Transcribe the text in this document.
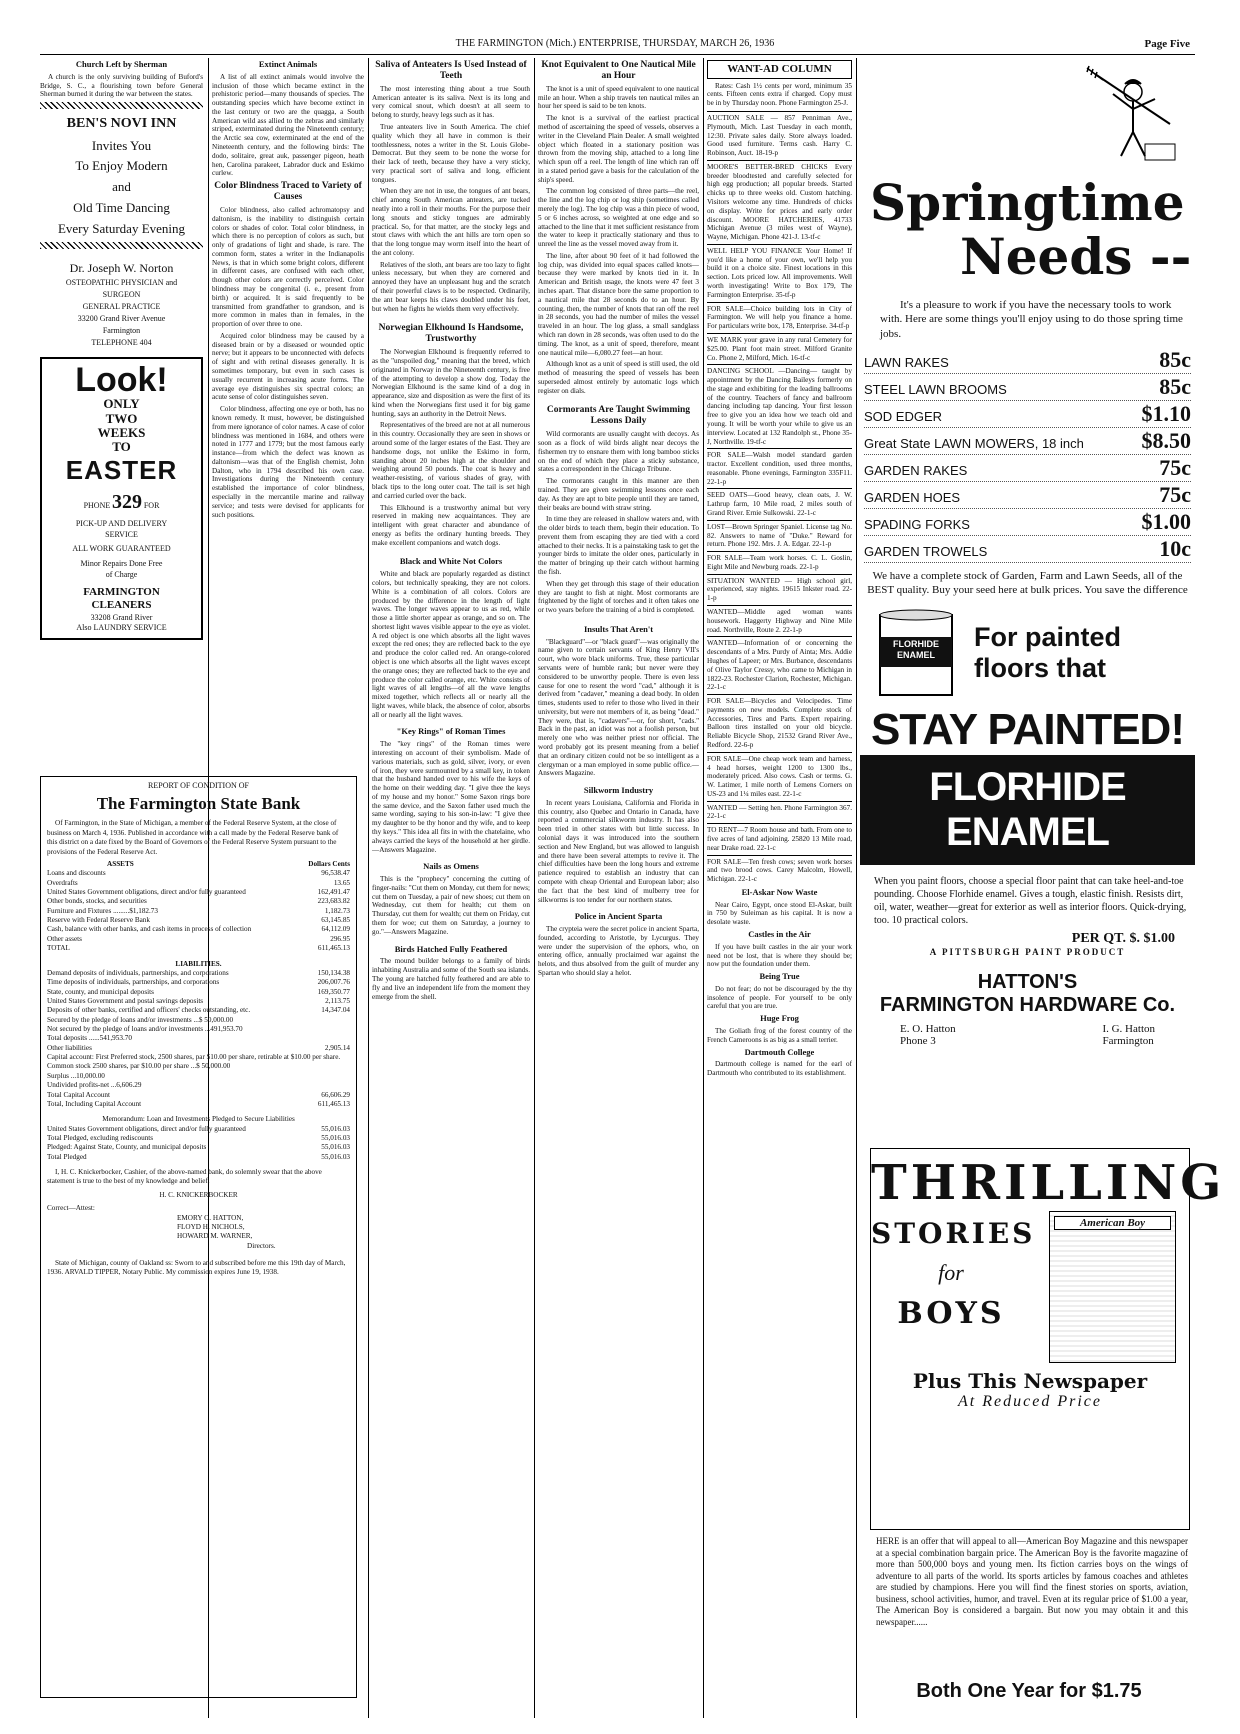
THE FARMINGTON (Mich.) ENTERPRISE, THURSDAY, MARCH 26, 1936	Page Five
Church Left by Sherman

A church is the only surviving building of Buford's Bridge, S. C., a flourishing town before General Sherman burned it during the war between the states.

BEN'S NOVI INN
Invites You
To Enjoy Modern
and
Old Time Dancing
Every Saturday Evening
Dr. Joseph W. Norton
OSTEOPATHIC PHYSICIAN and
SURGEON
GENERAL PRACTICE
33200 Grand River Avenue
Farmington
TELEPHONE 404
Look!
ONLY
TWO
WEEKS
TO
EASTER
PHONE 329 FOR
PICK-UP AND DELIVERY
SERVICE
ALL WORK GUARANTEED
Minor Repairs Done Free
of Charge
FARMINGTON
CLEANERS
33208 Grand River
Also LAUNDRY SERVICE
Extinct Animals

A list of all extinct animals would involve the inclusion of those which became extinct in the prehistoric period—many thousands of species. The outstanding species which have become extinct in the last century or two are the quagga, a South American wild ass allied to the zebras and similarly striped, exterminated during the Nineteenth century; the Arctic sea cow, exterminated at the end of the Nineteenth century, and the following birds: The dodo, solitaire, great auk, passenger pigeon, heath hen, Carolina parakeet, Labrador duck and Eskimo curlew.

Color Blindness Traced to Variety of Causes

Color blindness, also called achromatopsy and daltonism, is the inability to distinguish certain colors or shades of color. Total color blindness, in which there is no perception of colors as such, but only of gradations of light and shade, is rare. The common form, states a writer in the Indianapolis News, is that in which some bright colors, different in different cases, are confused with each other, though other colors are correctly perceived. Color blindness may be congenital (i. e., present from birth) or acquired. It is said frequently to be transmitted from grandfather to grandson, and is more common in males than in females, in the proportion of over three to one.

Acquired color blindness may be caused by a diseased brain or by a diseased or wounded optic nerve; but it appears to be unconnected with defects of sight and with retinal diseases generally. It is sometimes temporary, but even in such cases is usually recurrent in increasing acute forms. The average eye distinguishes six spectral colors; an acute sense of color distinguishes seven.

Color blindness, affecting one eye or both, has no known remedy. It must, however, be distinguished from mere ignorance of color names. A case of color blindness was mentioned in 1684, and others were noted in 1777 and 1779; but the most famous early instance—from which the defect was known as daltonism—was that of the English chemist, John Dalton, who in 1794 described his own case. Investigations during the Nineteenth century established the importance of color blindness, especially in the mercantile marine and railway service; and tests were devised for applicants for such positions.

REPORT OF CONDITION OF
The Farmington State Bank

Of Farmington, in the State of Michigan, a member of the Federal Reserve System, at the close of business on March 4, 1936. Published in accordance with a call made by the Federal Reserve bank of this district on a date fixed by the Board of Governors of the Federal Reserve System pursuant to the provisions of the Federal Reserve Act.

ASSETS	Dollars Cents
Loans and discounts	96,538.47
Overdrafts	13.65
United States Government obligations, direct and/or fully guaranteed	162,491.47
Other bonds, stocks, and securities	223,683.82
Furniture and Fixtures .........$1,182.73	1,182.73
Reserve with Federal Reserve Bank	63,145.85
Cash, balance with other banks, and cash items in process of collection	64,112.09
Other assets	296.95
TOTAL	611,465.13
LIABILITIES.
Demand deposits of individuals, partnerships, and corporations	150,134.38
Time deposits of individuals, partnerships, and corporations	206,007.76
State, county, and municipal deposits	169,350.77
United States Government and postal savings deposits	2,113.75
Deposits of other banks, certified and officers' checks outstanding, etc.	14,347.04
Secured by the pledge of loans and/or investments ...$ 50,000.00
Not secured by the pledge of loans and/or investments ...491,953.70
Total deposits ......541,953.70
Other liabilities	2,905.14
Capital account: First Preferred stock, 2500 shares, par $10.00 per share, retirable at $10.00 per share. Common stock 2500 shares, par $10.00 per share ...$ 50,000.00
Surplus ...10,000.00
Undivided profits-net ...6,606.29
Total Capital Account	66,606.29
Total, Including Capital Account	611,465.13
Memorandum: Loan and Investments Pledged to Secure Liabilities
United States Government obligations, direct and/or fully guaranteed	55,016.03
Total Pledged, excluding rediscounts	55,016.03
Pledged: Against State, County, and municipal deposits	55,016.03
Total Pledged	55,016.03

I, H. C. Knickerbocker, Cashier, of the above-named bank, do solemnly swear that the above statement is true to the best of my knowledge and belief.

H. C. KNICKERBOCKER
Correct—Attest:
EMORY O. HATTON,
FLOYD H. NICHOLS,
HOWARD M. WARNER,
Directors.

State of Michigan, county of Oakland ss: Sworn to and subscribed before me this 19th day of March, 1936. ARVALD TIPPER, Notary Public. My commission expires June 19, 1938.

Saliva of Anteaters Is Used Instead of Teeth

The most interesting thing about a true South American anteater is its saliva. Next is its long and very comical snout, which doesn't at all seem to belong to sturdy, heavy legs such as it has.

True anteaters live in South America. The chief quality which they all have in common is their toothlessness, notes a writer in the St. Louis Globe-Democrat. But they seem to be none the worse for their lack of teeth, because they have a very sticky, very practical sort of saliva and long, efficient tongues.

When they are not in use, the tongues of ant bears, chief among South American anteaters, are tucked neatly into a roll in their mouths. For the purpose their long snouts and sticky tongues are admirably practical. So, for that matter, are the stocky legs and stout claws with which the ant hills are torn open so that the long tongue may worm itself into the heart of the ant colony.

Relatives of the sloth, ant bears are too lazy to fight unless necessary, but when they are cornered and annoyed they have an unpleasant hug and the scratch of their powerful claws is to be respected. Ordinarily, the ant bear keeps his claws doubled under his feet, but when he fights he wields them very effectively.

Norwegian Elkhound Is Handsome, Trustworthy

The Norwegian Elkhound is frequently referred to as the "unspoiled dog," meaning that the breed, which originated in Norway in the Nineteenth century, is free of the attempting to develop a show dog. Today the Norwegian Elkhound is the same kind of a dog in appearance, size and disposition as were the first of its kind when the Norwegians first used it for big game hunting, says an authority in the Detroit News.

Representatives of the breed are not at all numerous in this country. Occasionally they are seen in shows or around some of the larger estates of the East. They are handsome dogs, not unlike the Eskimo in form, standing about 20 inches high at the shoulder and weighing around 50 pounds. The coat is heavy and weather-resisting, of various shades of gray, with black tips to the long outer coat. The tail is set high and carried curled over the back.

This Elkhound is a trustworthy animal but very reserved in making new acquaintances. They are intelligent with great character and abundance of energy as befits the ordinary hunting breeds. They make excellent companions and watch dogs.

Black and White Not Colors

White and black are popularly regarded as distinct colors, but technically speaking, they are not colors. White is a combination of all colors. Colors are produced by the difference in the length of light waves. The longer waves appear to us as red, while those a little shorter appear as orange, and so on. The shortest light waves visible appear to the eye as violet. A red object is one which absorbs all the light waves except the red ones; they are reflected back to the eye and produce the color called red. An orange-colored object is one which absorbs all the light waves except the orange ones; they are reflected back to the eye and produce the color called orange, etc. White consists of light waves of all lengths—of all the wave lengths mixed together, which reflects all or nearly all the light waves, while black, the absence of color, absorbs all or nearly all the light waves.

"Key Rings" of Roman Times

The "key rings" of the Roman times were interesting on account of their symbolism. Made of various materials, such as gold, silver, ivory, or even of iron, they were surmounted by a small key, in token that the husband handed over to his wife the keys of the home on their wedding day. "I give thee the keys of my house and my honor." Some Saxon rings bore the same device, and the Saxon father used much the same wording, saying to his son-in-law: "I give thee my daughter to be thy honor and thy wife, and to keep thy keys." This idea all fits in with the chatelaine, who always carried the keys of the household at her girdle.—Answers Magazine.

Nails as Omens

This is the "prophecy" concerning the cutting of finger-nails: "Cut them on Monday, cut them for news; cut them on Tuesday, a pair of new shoes; cut them on Wednesday, cut them for health; cut them on Thursday, cut them for wealth; cut them on Friday, cut them for woe; cut them on Saturday, a journey to go."—Answers Magazine.

Birds Hatched Fully Feathered

The mound builder belongs to a family of birds inhabiting Australia and some of the South sea islands. The young are hatched fully feathered and are able to fly and live an independent life from the moment they emerge from the shell.

Knot Equivalent to One Nautical Mile an Hour

The knot is a unit of speed equivalent to one nautical mile an hour. When a ship travels ten nautical miles an hour her speed is said to be ten knots.

The knot is a survival of the earliest practical method of ascertaining the speed of vessels, observes a writer in the Cleveland Plain Dealer. A small weighted object which floated in a stationary position was thrown from the moving ship, attached to a long line which spun off a reel. The length of line which ran off in a stated period gave a basis for the calculation of the ship's speed.

The common log consisted of three parts—the reel, the line and the log chip or log ship (sometimes called merely the log). The log chip was a thin piece of wood, 5 or 6 inches across, so weighted at one edge and so attached to the line that it met sufficient resistance from the water to keep it practically stationary and thus to unreel the line as the vessel moved away from it.

The line, after about 90 feet of it had followed the log chip, was divided into equal spaces called knots—because they were marked by knots tied in it. In American and British usage, the knots were 47 feet 3 inches apart. That distance bore the same proportion to a nautical mile that 28 seconds do to an hour. By counting, then, the number of knots that ran off the reel in 28 seconds, you had the number of miles the vessel traveled in an hour. The log glass, a small sandglass which ran down in 28 seconds, was often used to do the timing. The knot, as a unit of speed, therefore, meant one nautical mile—6,080.27 feet—an hour.

Although knot as a unit of speed is still used, the old method of measuring the speed of vessels has been superseded almost entirely by automatic logs which register on dials.

Cormorants Are Taught Swimming Lessons Daily

Wild cormorants are usually caught with decoys. As soon as a flock of wild birds alight near decoys the fishermen try to ensnare them with long bamboo sticks on the end of which they place a sticky substance, states a correspondent in the Chicago Tribune.

The cormorants caught in this manner are then trained. They are given swimming lessons once each day. As they are apt to bite people until they are tamed, their beaks are bound with straw string.

In time they are released in shallow waters and, with the older birds to teach them, begin their education. To prevent them from escaping they are tied with a cord attached to their necks. It is a painstaking task to get the younger birds to imitate the older ones, particularly in the matter of bringing up their catch without harming the fish.

When they get through this stage of their education they are taught to fish at night. Most cormorants are frightened by the light of torches and it often takes one or two years before the training of a bird is completed.

Insults That Aren't

"Blackguard"—or "black guard"—was originally the name given to certain servants of King Henry VII's court, who wore black uniforms. True, these particular servants were of humble rank; but never were they considered to be unworthy people. There is even less cause for one to resent the word "cad," although it is derived from "cadaver," meaning a dead body. In olden times, students used to refer to those who lived in their university, but were not members of it, as being "dead." They were, that is, "cadavers"—or, for short, "cads." Back in the past, an idiot was not a foolish person, but merely one who was neither priest nor official. The word probably got its present meaning from a belief that an ordinary citizen could not be so intelligent as a clergyman or a man employed in some public office.—Answers Magazine.

Silkworm Industry

In recent years Louisiana, California and Florida in this country, also Quebec and Ontario in Canada, have reported a commercial silkworm industry. It has also been tried in other states with but little success. In colonial days it was introduced into the southern section and New England, but was allowed to languish and there have been several attempts to revive it. The chief difficulties have been the long hours and extreme patience required to establish an industry that can compete with cheap Oriental and European labor; also the fact that the best kind of mulberry tree for silkworms is too tender for our northern states.

Police in Ancient Sparta

The crypteia were the secret police in ancient Sparta, founded, according to Aristotle, by Lycurgus. They were under the supervision of the ephors, who, on entering office, annually proclaimed war against the helots, and thus absolved from the guilt of murder any Spartan who should slay a helot.

WANT-AD COLUMN

Rates: Cash 1½ cents per word, minimum 35 cents. Fifteen cents extra if charged. Copy must be in by Thursday noon. Phone Farmington 25-J.

AUCTION SALE — 857 Penniman Ave., Plymouth, Mich. Last Tuesday in each month, 12:30. Private sales daily. Store always loaded. Good used furniture. Terms cash. Harry C. Robinson, Auct. 18-19-p
MOORE'S BETTER-BRED CHICKS Every breeder bloodtested and carefully selected for high egg production; all popular breeds. Started chicks up to three weeks old. Custom hatching. Visitors welcome any time. Hundreds of chicks on display. Write for prices and early order discount. MOORE HATCHERIES, 41733 Michigan Avenue (3 miles west of Wayne), Wayne, Michigan. Phone 421-J. 13-tf-c
WELL HELP YOU FINANCE Your Home! If you'd like a home of your own, we'll help you build it on a choice site. Finest locations in this section. Lots priced low. All improvements. Well worth investigating! Write to Box 179, The Farmington Enterprise. 35-tf-p
FOR SALE—Choice building lots in City of Farmington. We will help you finance a home. For particulars write box, 178, Enterprise. 34-tf-p
WE MARK your grave in any rural Cemetery for $25.00. Plant foot main street. Milford Granite Co. Phone 2, Milford, Mich. 16-tf-c
DANCING SCHOOL —Dancing— taught by appointment by the Dancing Baileys formerly on the stage and exhibiting for the leading ballrooms of the country. Teachers of fancy and ballroom dancing including tap dancing. Your first lesson free to give you an idea how we teach old and young. It will be worth your while to give us an interview. Located at 132 Randolph st., Phone 35-J, Northville. 19-tf-c
FOR SALE—Walsh model standard garden tractor. Excellent condition, used three months, reasonable. Phone evenings, Farmington 335F11. 22-1-p
SEED OATS—Good heavy, clean oats, J. W. Lathrup farm, 10 Mile road, 2 miles south of Grand River. Ernie Sulkowski. 22-1-c
LOST—Brown Springer Spaniel. License tag No. 82. Answers to name of "Duke." Reward for return. Phone 192. Mrs. J. A. Edgar. 22-1-p
FOR SALE—Team work horses. C. L. Goslin, Eight Mile and Newburg roads. 22-1-p
SITUATION WANTED — High school girl, experienced, stay nights. 19615 Inkster road. 22-1-p
WANTED—Middle aged woman wants housework. Haggerty Highway and Nine Mile road. Northville, Route 2. 22-1-p
WANTED—Information of or concerning the descendants of a Mrs. Purdy of Ainta; Mrs. Addie Hughes of Lapeer; or Mrs. Burbance, descendants of Olive Taylor Cressy, who came to Michigan in 1822-23. Rochester Clarion, Rochester, Michigan. 22-1-c
FOR SALE—Bicycles and Velocipedes. Time payments on new models. Complete stock of Accessories, Tires and Parts. Expert repairing. Balloon tires installed on your old bicycle. Reliable Bicycle Shop, 21532 Grand River Ave., Redford. 22-6-p
FOR SALE—One cheap work team and harness, 4 head horses, weight 1200 to 1300 lbs., moderately priced. Also cows. Cash or terms. G. W. Latimer, 1 mile north of Lemens Corners on US-23 and 1¼ miles east. 22-1-c
WANTED — Setting hen. Phone Farmington 367. 22-1-c
TO RENT—7 Room house and bath. From one to five acres of land adjoining. 25820 13 Mile road, near Drake road. 22-1-c
FOR SALE—Ten fresh cows; seven work horses and two brood cows. Carey Malcolm, Howell, Michigan. 22-1-c
El-Askar Now Waste

Near Cairo, Egypt, once stood El-Askar, built in 750 by Suleiman as his capital. It is now a desolate waste.

Castles in the Air

If you have built castles in the air your work need not be lost, that is where they should be; now put the foundation under them.

Being True

Do not fear; do not be discouraged by the thy insolence of people. For yourself to be only careful that you are true.

Huge Frog

The Goliath frog of the forest country of the French Cameroons is as big as a small terrier.

Dartmouth College

Dartmouth college is named for the earl of Dartmouth who contributed to its establishment.

Springtime
Needs --
It's a pleasure to work if you have the necessary tools to work with. Here are some things you'll enjoy using to do those spring time jobs.
LAWN RAKES	85c
STEEL LAWN BROOMS	85c
SOD EDGER	$1.10
Great State LAWN MOWERS, 18 inch	$8.50
GARDEN RAKES	75c
GARDEN HOES	75c
SPADING FORKS	$1.00
GARDEN TROWELS	10c
We have a complete stock of Garden, Farm and Lawn Seeds, all of the BEST quality. Buy your seed here at bulk prices. You save the difference
FLORHIDE ENAMEL
For painted floors that
STAY PAINTED!
FLORHIDE ENAMEL
When you paint floors, choose a special floor paint that can take heel-and-toe pounding. Choose Florhide enamel. Gives a tough, elastic finish. Resists dirt, oil, water, weather—great for exterior as well as interior floors. Quick-drying, too. 10 practical colors.
PER QT. $. $1.00
A PITTSBURGH PAINT PRODUCT
HATTON'S
FARMINGTON HARDWARE Co.
E. O. Hatton
Phone 3
I. G. Hatton
Farmington
THRILLING
STORIES
for
BOYS
American Boy
Plus This Newspaper
At Reduced Price
HERE is an offer that will appeal to all—American Boy Magazine and this newspaper at a special combination bargain price. The American Boy is the favorite magazine of more than 500,000 boys and young men. Its fiction carries boys on the wings of adventure to all parts of the world. Its sports articles by famous coaches and athletes are studied by champions. Here you will find the finest stories on sports, aviation, business, school activities, humor, and travel. Even at its regular price of $1.00 a year, The American Boy is considered a bargain. But now you may obtain it and this newspaper......
Both One Year for $1.75
